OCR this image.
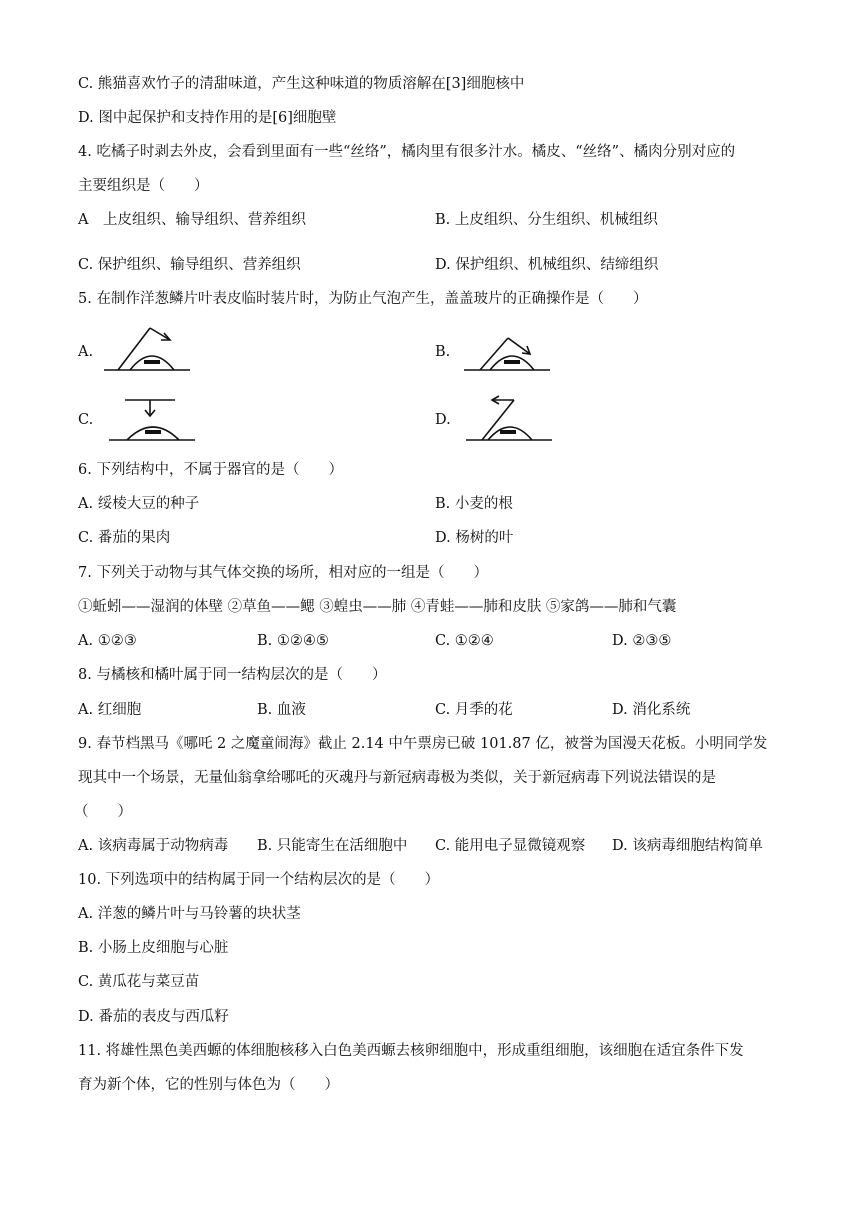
C. 熊猫喜欢竹子的清甜味道，产生这种味道的物质溶解在[3]细胞核中
D. 图中起保护和支持作用的是[6]细胞壁
4. 吃橘子时剥去外皮，会看到里面有一些“丝络”，橘肉里有很多汁水。橘皮、“丝络”、橘肉分别对应的
主要组织是（　　）
A　上皮组织、输导组织、营养组织	B. 上皮组织、分生组织、机械组织
C. 保护组织、输导组织、营养组织	D. 保护组织、机械组织、结缔组织
5. 在制作洋葱鳞片叶表皮临时装片时，为防止气泡产生，盖盖玻片的正确操作是（　　）
A.	B.
C.	D.
6. 下列结构中，不属于器官的是（　　）
A. 绥棱大豆的种子	B. 小麦的根
C. 番茄的果肉	D. 杨树的叶
7. 下列关于动物与其气体交换的场所，相对应的一组是（　　）
①蚯蚓——湿润的体壁 ②草鱼——鳃 ③蝗虫——肺 ④青蛙——肺和皮肤 ⑤家鸽——肺和气囊
A. ①②③	B. ①②④⑤	C. ①②④	D. ②③⑤
8. 与橘核和橘叶属于同一结构层次的是（　　）
A. 红细胞	B. 血液	C. 月季的花	D. 消化系统
9. 春节档黑马《哪吒 2 之魔童闹海》截止 2.14 中午票房已破 101.87 亿，被誉为国漫天花板。小明同学发
现其中一个场景，无量仙翁拿给哪吒的灭魂丹与新冠病毒极为类似，关于新冠病毒下列说法错误的是
（　　）
A. 该病毒属于动物病毒 B. 只能寄生在活细胞中 C. 能用电子显微镜观察 D. 该病毒细胞结构简单
10. 下列选项中的结构属于同一个结构层次的是（　　）
A. 洋葱的鳞片叶与马铃薯的块状茎
B. 小肠上皮细胞与心脏
C. 黄瓜花与菜豆苗
D. 番茄的表皮与西瓜籽
11. 将雄性黑色美西螈的体细胞核移入白色美西螈去核卵细胞中，形成重组细胞，该细胞在适宜条件下发
育为新个体，它的性别与体色为（　　）
